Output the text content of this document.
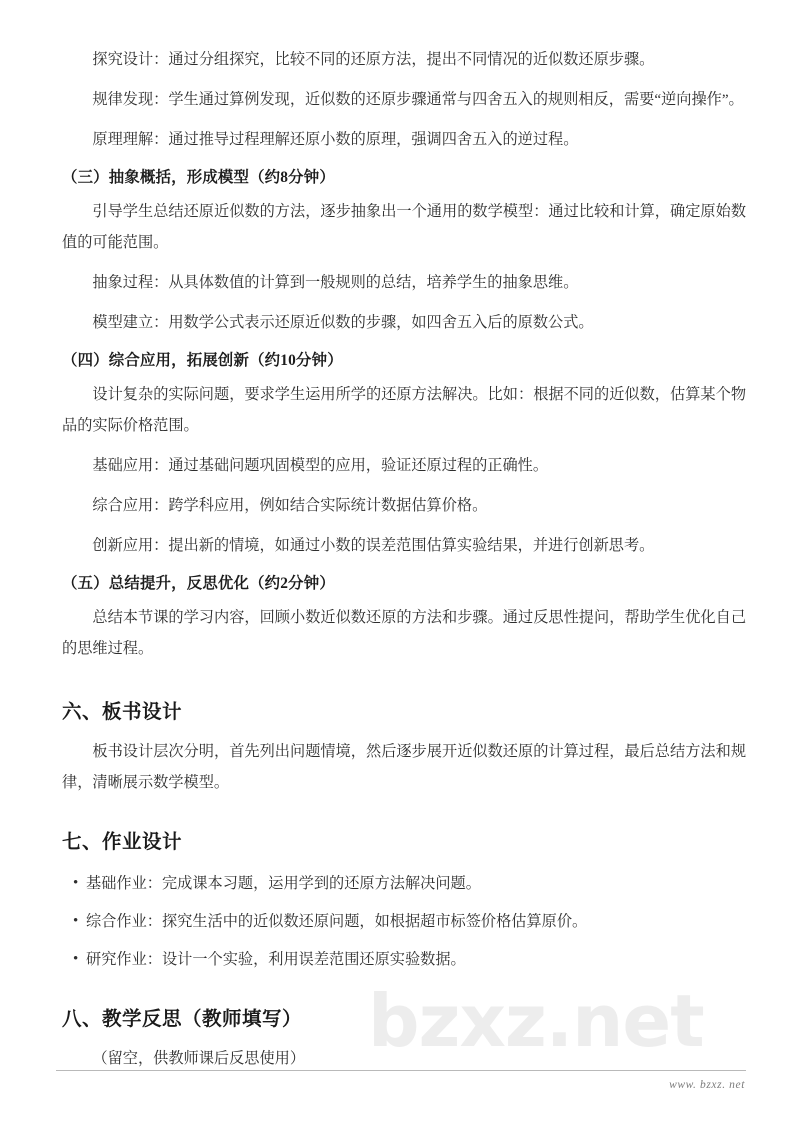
bzxz.net

探究设计：通过分组探究，比较不同的还原方法，提出不同情况的近似数还原步骤。

规律发现：学生通过算例发现，近似数的还原步骤通常与四舍五入的规则相反，需要“逆向操作”。

原理理解：通过推导过程理解还原小数的原理，强调四舍五入的逆过程。

（三）抽象概括，形成模型（约8分钟）

引导学生总结还原近似数的方法，逐步抽象出一个通用的数学模型：通过比较和计算，确定原始数值的可能范围。

抽象过程：从具体数值的计算到一般规则的总结，培养学生的抽象思维。

模型建立：用数学公式表示还原近似数的步骤，如四舍五入后的原数公式。

（四）综合应用，拓展创新（约10分钟）

设计复杂的实际问题，要求学生运用所学的还原方法解决。比如：根据不同的近似数，估算某个物品的实际价格范围。

基础应用：通过基础问题巩固模型的应用，验证还原过程的正确性。

综合应用：跨学科应用，例如结合实际统计数据估算价格。

创新应用：提出新的情境，如通过小数的误差范围估算实验结果，并进行创新思考。

（五）总结提升，反思优化（约2分钟）

总结本节课的学习内容，回顾小数近似数还原的方法和步骤。通过反思性提问，帮助学生优化自己的思维过程。

六、板书设计

板书设计层次分明，首先列出问题情境，然后逐步展开近似数还原的计算过程，最后总结方法和规律，清晰展示数学模型。

七、作业设计
• 基础作业：完成课本习题，运用学到的还原方法解决问题。
• 综合作业：探究生活中的近似数还原问题，如根据超市标签价格估算原价。
• 研究作业：设计一个实验，利用误差范围还原实验数据。
八、教学反思（教师填写）

（留空，供教师课后反思使用）

www. bzxz. net
